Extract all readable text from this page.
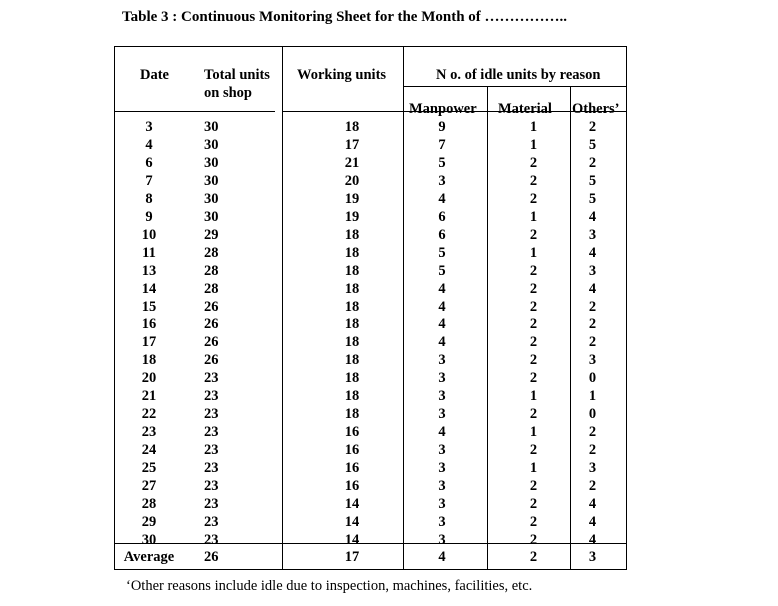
Table 3 : Continuous Monitoring Sheet for the Month of ……………..
Date Total units
on shop
Working units	N o. of idle units by reason
Manpower Material Others’
3	30	18	9	1	2
4	30	17	7	1	5
6	30	21	5	2	2
7	30	20	3	2	5
8	30	19	4	2	5
9	30	19	6	1	4
10	29	18	6	2	3
11	28	18	5	1	4
13	28	18	5	2	3
14	28	18	4	2	4
15	26	18	4	2	2
16	26	18	4	2	2
17	26	18	4	2	2
18	26	18	3	2	3
20	23	18	3	2	0
21	23	18	3	1	1
22	23	18	3	2	0
23	23	16	4	1	2
24	23	16	3	2	2
25	23	16	3	1	3
27	23	16	3	2	2
28	23	14	3	2	4
29	23	14	3	2	4
30	23	14	3	2	4
Average	26	17	4	2	3
‘Other reasons include idle due to inspection, machines, facilities, etc.
